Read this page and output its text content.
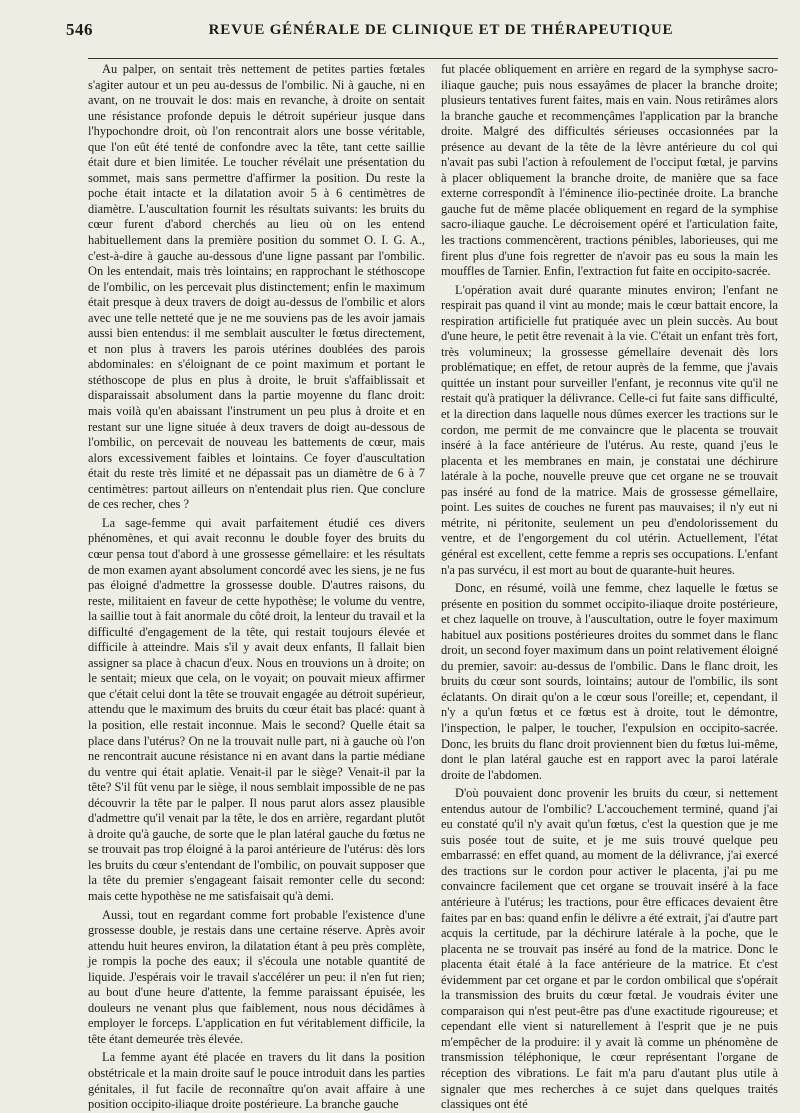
546	REVUE GÉNÉRALE DE CLINIQUE ET DE THÉRAPEUTIQUE

Au palper, on sentait très nettement de petites parties fœtales s'agiter autour et un peu au-dessus de l'ombilic. Ni à gauche, ni en avant, on ne trouvait le dos: mais en revanche, à droite on sentait une résistance profonde depuis le détroit supérieur jusque dans l'hypochondre droit, où l'on rencontrait alors une bosse véritable, que l'on eût été tenté de confondre avec la tête, tant cette saillie était dure et bien limitée. Le toucher révélait une présentation du sommet, mais sans permettre d'affirmer la position. Du reste la poche était intacte et la dilatation avoir 5 à 6 centimètres de diamètre. L'auscultation fournit les résultats suivants: les bruits du cœur furent d'abord cherchés au lieu où on les entend habituellement dans la première position du sommet O. I. G. A., c'est-à-dire à gauche au-dessous d'une ligne passant par l'ombilic. On les entendait, mais très lointains; en rapprochant le stéthoscope de l'ombilic, on les percevait plus distinctement; enfin le maximum était presque à deux travers de doigt au-dessus de l'ombilic et alors avec une telle netteté que je ne me souviens pas de les avoir jamais aussi bien entendus: il me semblait ausculter le fœtus directement, et non plus à travers les parois utérines doublées des parois abdominales: en s'éloignant de ce point maximum et portant le stéthoscope de plus en plus à droite, le bruit s'affaiblissait et disparaissait absolument dans la partie moyenne du flanc droit: mais voilà qu'en abaissant l'instrument un peu plus à droite et en restant sur une ligne située à deux travers de doigt au-dessous de l'ombilic, on percevait de nouveau les battements de cœur, mais alors excessivement faibles et lointains. Ce foyer d'auscultation était du reste très limité et ne dépassait pas un diamètre de 6 à 7 centimètres: partout ailleurs on n'entendait plus rien. Que conclure de ces recher, ches ?

La sage-femme qui avait parfaitement étudié ces divers phénomènes, et qui avait reconnu le double foyer des bruits du cœur pensa tout d'abord à une grossesse gémellaire: et les résultats de mon examen ayant absolument concordé avec les siens, je ne fus pas éloigné d'admettre la grossesse double. D'autres raisons, du reste, militaient en faveur de cette hypothèse; le volume du ventre, la saillie tout à fait anormale du côté droit, la lenteur du travail et la difficulté d'engagement de la tête, qui restait toujours élevée et difficile à atteindre. Mais s'il y avait deux enfants, Il fallait bien assigner sa place à chacun d'eux. Nous en trouvions un à droite; on le sentait; mieux que cela, on le voyait; on pouvait mieux affirmer que c'était celui dont la tête se trouvait engagée au détroit supérieur, attendu que le maximum des bruits du cœur était bas placé: quant à la position, elle restait inconnue. Mais le second? Quelle était sa place dans l'utérus? On ne la trouvait nulle part, ni à gauche où l'on ne rencontrait aucune résistance ni en avant dans la partie médiane du ventre qui était aplatie. Venait-il par le siège? Venait-il par la tête? S'il fût venu par le siège, il nous semblait impossible de ne pas découvrir la tête par le palper. Il nous parut alors assez plausible d'admettre qu'il venait par la tête, le dos en arrière, regardant plutôt à droite qu'à gauche, de sorte que le plan latéral gauche du fœtus ne se trouvait pas trop éloigné à la paroi antérieure de l'utérus: dès lors les bruits du cœur s'entendant de l'ombilic, on pouvait supposer que la tête du premier s'engageant faisait remonter celle du second: mais cette hypothèse ne me satisfaisait qu'à demi.

Aussi, tout en regardant comme fort probable l'existence d'une grossesse double, je restais dans une certaine réserve. Après avoir attendu huit heures environ, la dilatation étant à peu près complète, je rompis la poche des eaux; il s'écoula une notable quantité de liquide. J'espérais voir le travail s'accélérer un peu: il n'en fut rien; au bout d'une heure d'attente, la femme paraissant épuisée, les douleurs ne venant plus que faiblement, nous nous décidâmes à employer le forceps. L'application en fut véritablement difficile, la tête étant demeurée très élevée.

La femme ayant été placée en travers du lit dans la position obstétricale et la main droite sauf le pouce introduit dans les parties génitales, il fut facile de reconnaître qu'on avait affaire à une position occipito-iliaque droite postérieure. La branche gauche

fut placée obliquement en arrière en regard de la symphyse sacro-iliaque gauche; puis nous essayâmes de placer la branche droite; plusieurs tentatives furent faites, mais en vain. Nous retirâmes alors la branche gauche et recommençâmes l'application par la branche droite. Malgré des difficultés sérieuses occasionnées par la présence au devant de la tête de la lèvre antérieure du col qui n'avait pas subi l'action à refoulement de l'occiput fœtal, je parvins à placer obliquement la branche droite, de manière que sa face externe correspondît à l'éminence ilio-pectinée droite. La branche gauche fut de même placée obliquement en regard de la symphise sacro-iliaque gauche. Le décroisement opéré et l'articulation faite, les tractions commencèrent, tractions pénibles, laborieuses, qui me firent plus d'une fois regretter de n'avoir pas eu sous la main les mouffles de Tarnier. Enfin, l'extraction fut faite en occipito-sacrée.

L'opération avait duré quarante minutes environ; l'enfant ne respirait pas quand il vint au monde; mais le cœur battait encore, la respiration artificielle fut pratiquée avec un plein succès. Au bout d'une heure, le petit être revenait à la vie. C'était un enfant très fort, très volumineux; la grossesse gémellaire devenait dès lors problématique; en effet, de retour auprès de la femme, que j'avais quittée un instant pour surveiller l'enfant, je reconnus vite qu'il ne restait qu'à pratiquer la délivrance. Celle-ci fut faite sans difficulté, et la direction dans laquelle nous dûmes exercer les tractions sur le cordon, me permit de me convaincre que le placenta se trouvait inséré à la face antérieure de l'utérus. Au reste, quand j'eus le placenta et les membranes en main, je constatai une déchirure latérale à la poche, nouvelle preuve que cet organe ne se trouvait pas inséré au fond de la matrice. Mais de grossesse gémellaire, point. Les suites de couches ne furent pas mauvaises; il n'y eut ni métrite, ni péritonite, seulement un peu d'endolorissement du ventre, et de l'engorgement du col utérin. Actuellement, l'état général est excellent, cette femme a repris ses occupations. L'enfant n'a pas survécu, il est mort au bout de quarante-huit heures.

Donc, en résumé, voilà une femme, chez laquelle le fœtus se présente en position du sommet occipito-iliaque droite postérieure, et chez laquelle on trouve, à l'auscultation, outre le foyer maximum habituel aux positions postérieures droites du sommet dans le flanc droit, un second foyer maximum dans un point relativement éloigné du premier, savoir: au-dessus de l'ombilic. Dans le flanc droit, les bruits du cœur sont sourds, lointains; autour de l'ombilic, ils sont éclatants. On dirait qu'on a le cœur sous l'oreille; et, cependant, il n'y a qu'un fœtus et ce fœtus est à droite, tout le démontre, l'inspection, le palper, le toucher, l'expulsion en occipito-sacrée. Donc, les bruits du flanc droit proviennent bien du fœtus lui-même, dont le plan latéral gauche est en rapport avec la paroi latérale droite de l'abdomen.

D'où pouvaient donc provenir les bruits du cœur, si nettement entendus autour de l'ombilic? L'accouchement terminé, quand j'ai eu constaté qu'il n'y avait qu'un fœtus, c'est la question que je me suis posée tout de suite, et je me suis trouvé quelque peu embarrassé: en effet quand, au moment de la délivrance, j'ai exercé des tractions sur le cordon pour activer le placenta, j'ai pu me convaincre facilement que cet organe se trouvait inséré à la face antérieure à l'utérus; les tractions, pour être efficaces devaient être faites par en bas: quand enfin le délivre a été extrait, j'ai d'autre part acquis la certitude, par la déchirure latérale à la poche, que le placenta ne se trouvait pas inséré au fond de la matrice. Donc le placenta était étalé à la face antérieure de la matrice. Et c'est évidemment par cet organe et par le cordon ombilical que s'opérait la transmission des bruits du cœur fœtal. Je voudrais éviter une comparaison qui n'est peut-être pas d'une exactitude rigoureuse; et cependant elle vient si naturellement à l'esprit que je ne puis m'empêcher de la produire: il y avait là comme un phénomène de transmission téléphonique, le cœur représentant l'organe de réception des vibrations. Le fait m'a paru d'autant plus utile à signaler que mes recherches à ce sujet dans quelques traités classiques ont été
